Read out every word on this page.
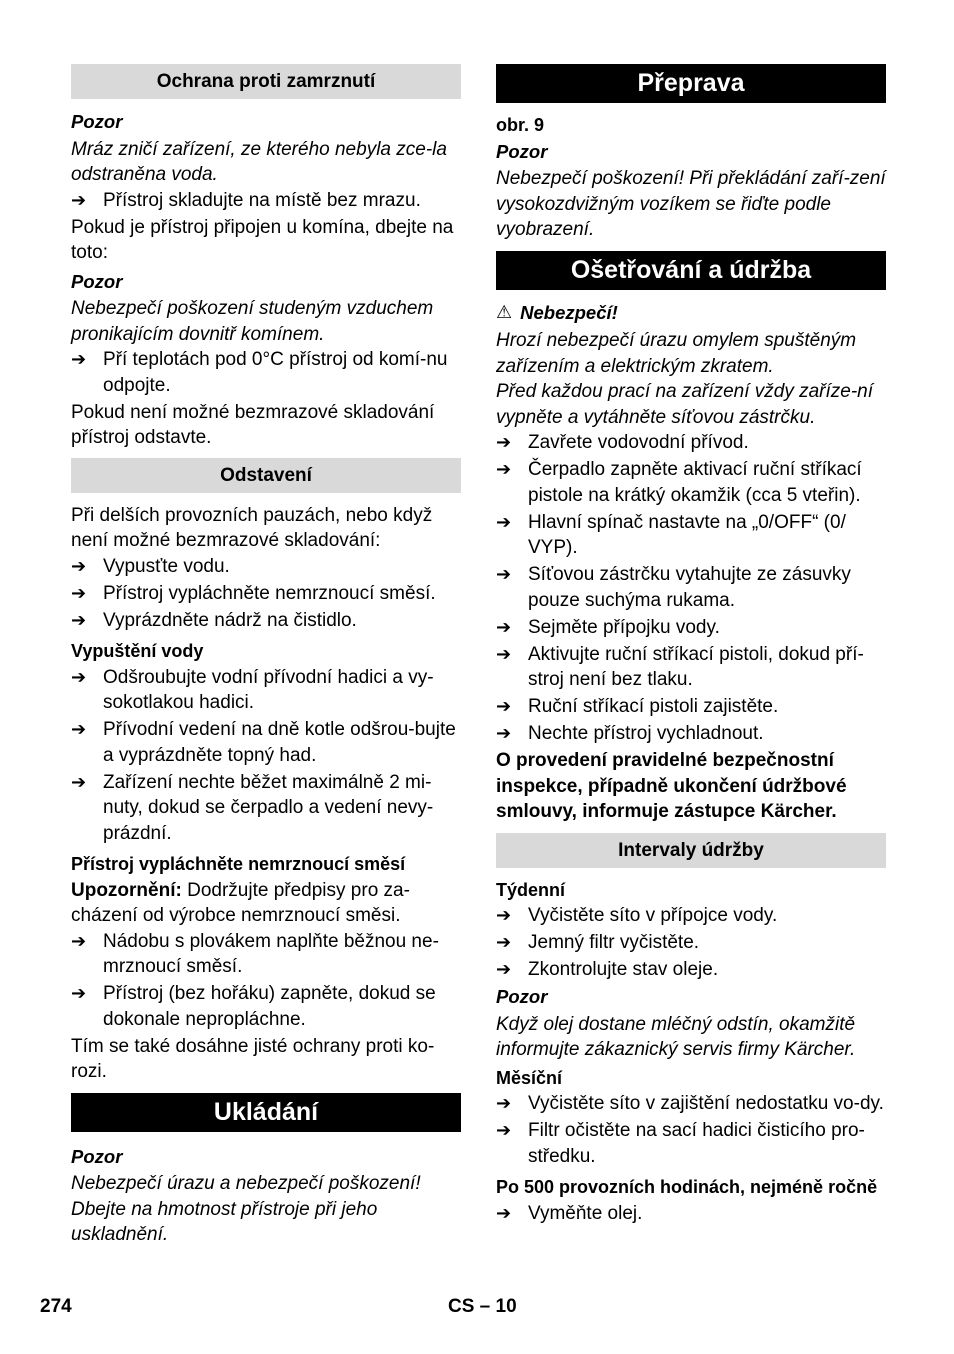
Ochrana proti zamrznutí

Pozor

Mráz zničí zařízení, ze kterého nebyla zce-la odstraněna voda.

➔ Přístroj skladujte na místě bez mrazu.

Pokud je přístroj připojen u komína, dbejte na toto:

Pozor

Nebezpečí poškození studeným vzduchem pronikajícím dovnitř komínem.

➔ Pří teplotách pod 0°C přístroj od komí-nu odpojte.

Pokud není možné bezmrazové skladování přístroj odstavte.

Odstavení

Při delších provozních pauzách, nebo když není možné bezmrazové skladování:

➔ Vypusťte vodu.
➔ Přístroj vypláchněte nemrznoucí směsí.
➔ Vyprázdněte nádrž na čistidlo.

Vypuštění vody

➔ Odšroubujte vodní přívodní hadici a vy-sokotlakou hadici.
➔ Přívodní vedení na dně kotle odšrou-bujte a vyprázdněte topný had.
➔ Zařízení nechte běžet maximálně 2 mi-nuty, dokud se čerpadlo a vedení nevy-prázdní.

Přístroj vypláchněte nemrznoucí směsí

Upozornění: Dodržujte předpisy pro za-cházení od výrobce nemrznoucí směsi.

➔ Nádobu s plovákem naplňte běžnou ne-mrznoucí směsí.
➔ Přístroj (bez hořáku) zapněte, dokud se dokonale nepropláchne.

Tím se také dosáhne jisté ochrany proti ko-rozi.

Ukládání

Pozor

Nebezpečí úrazu a nebezpečí poškození! Dbejte na hmotnost přístroje při jeho uskladnění.

Přeprava

obr. 9

Pozor

Nebezpečí poškození! Při překládání zaří-zení vysokozdvižným vozíkem se řiďte podle vyobrazení.

Ošetřování a údržba
⚠ Nebezpečí!

Hrozí nebezpečí úrazu omylem spuštěným zařízením a elektrickým zkratem.

Před každou prací na zařízení vždy zaříze-ní vypněte a vytáhněte síťovou zástrčku.

➔ Zavřete vodovodní přívod.
➔ Čerpadlo zapněte aktivací ruční stříkací pistole na krátký okamžik (cca 5 vteřin).
➔ Hlavní spínač nastavte na „0/OFF“ (0/ VYP).
➔ Síťovou zástrčku vytahujte ze zásuvky pouze suchýma rukama.
➔ Sejměte přípojku vody.
➔ Aktivujte ruční stříkací pistoli, dokud pří-stroj není bez tlaku.
➔ Ruční stříkací pistoli zajistěte.
➔ Nechte přístroj vychladnout.

O provedení pravidelné bezpečnostní inspekce, případně ukončení údržbové smlouvy, informuje zástupce Kärcher.

Intervaly údržby

Týdenní

➔ Vyčistěte síto v přípojce vody.
➔ Jemný filtr vyčistěte.
➔ Zkontrolujte stav oleje.

Pozor

Když olej dostane mléčný odstín, okamžitě informujte zákaznický servis firmy Kärcher.

Měsíční

➔ Vyčistěte síto v zajištění nedostatku vo-dy.
➔ Filtr očistěte na sací hadici čisticího pro-středku.

Po 500 provozních hodinách, nejméně ročně

➔ Vyměňte olej.
274	CS – 10
